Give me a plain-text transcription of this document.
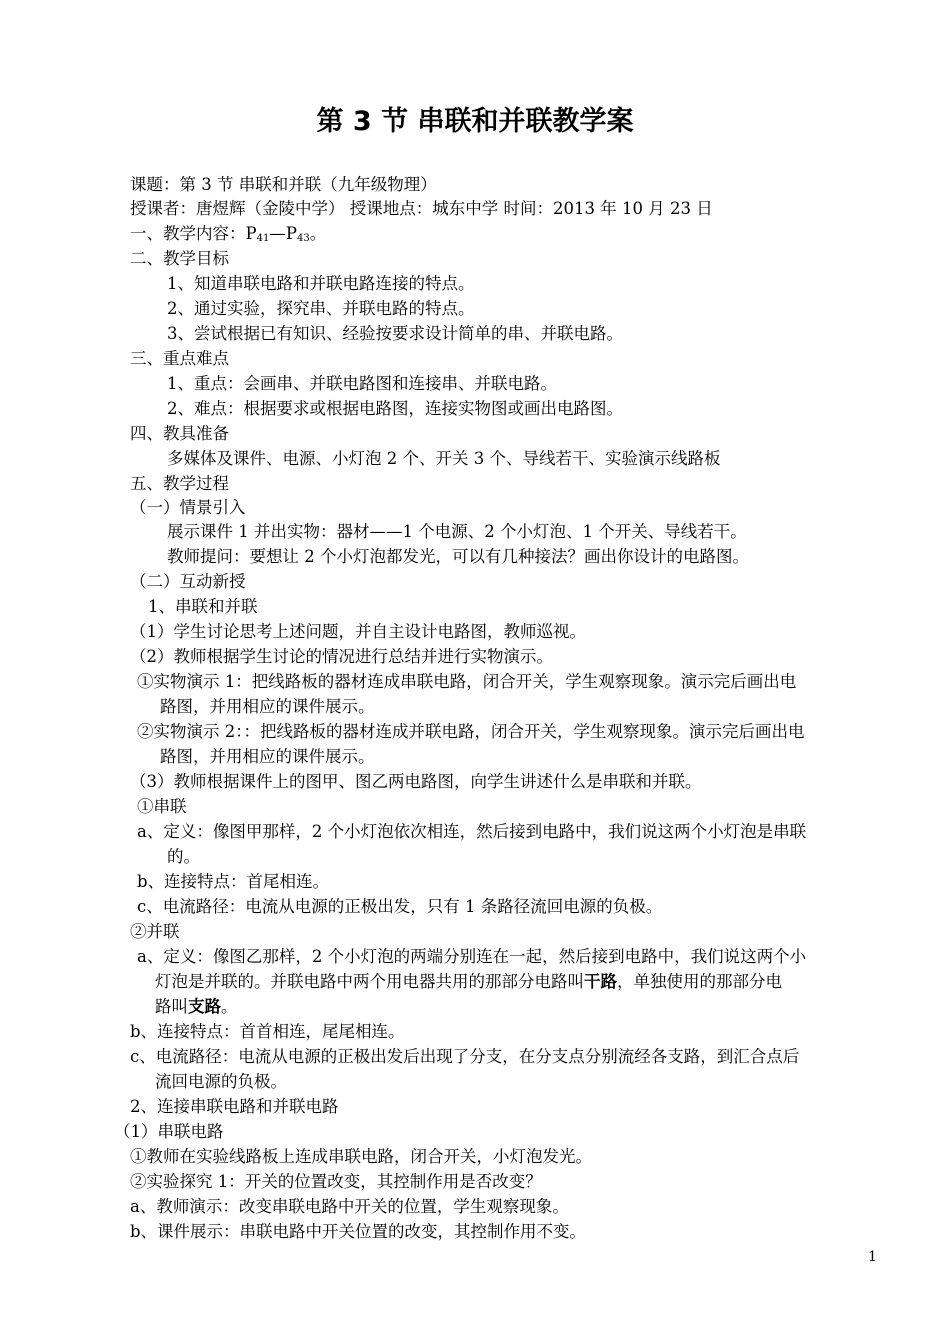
第 3 节 串联和并联教学案
课题：第 3 节 串联和并联（九年级物理）
授课者：唐煜辉（金陵中学） 授课地点：城东中学 时间：2013 年 10 月 23 日
一、教学内容：$P_{41}—P_{43}$。
二、教学目标
1、知道串联电路和并联电路连接的特点。
2、通过实验，探究串、并联电路的特点。
3、尝试根据已有知识、经验按要求设计简单的串、并联电路。
三、重点难点
1、重点：会画串、并联电路图和连接串、并联电路。
2、难点：根据要求或根据电路图，连接实物图或画出电路图。
四、教具准备
多媒体及课件、电源、小灯泡 2 个、开关 3 个、导线若干、实验演示线路板
五、教学过程
（一）情景引入
展示课件 1 并出实物：器材——1 个电源、2 个小灯泡、1 个开关、导线若干。
教师提问：要想让 2 个小灯泡都发光，可以有几种接法？画出你设计的电路图。
（二）互动新授
1、串联和并联
（1）学生讨论思考上述问题，并自主设计电路图，教师巡视。
（2）教师根据学生讨论的情况进行总结并进行实物演示。
①实物演示 1：把线路板的器材连成串联电路，闭合开关，学生观察现象。演示完后画出电
路图，并用相应的课件展示。
②实物演示 2：：把线路板的器材连成并联电路，闭合开关，学生观察现象。演示完后画出电
路图，并用相应的课件展示。
（3）教师根据课件上的图甲、图乙两电路图，向学生讲述什么是串联和并联。
①串联
a、定义：像图甲那样，2 个小灯泡依次相连，然后接到电路中，我们说这两个小灯泡是串联
的。
b、连接特点：首尾相连。
c、电流路径：电流从电源的正极出发，只有 1 条路径流回电源的负极。
②并联
a、定义：像图乙那样，2 个小灯泡的两端分别连在一起，然后接到电路中，我们说这两个小
灯泡是并联的。并联电路中两个用电器共用的那部分电路叫干路，单独使用的那部分电
路叫支路。
b、连接特点：首首相连，尾尾相连。
c、电流路径：电流从电源的正极出发后出现了分支，在分支点分别流经各支路，到汇合点后
流回电源的负极。
2、连接串联电路和并联电路
（1）串联电路
①教师在实验线路板上连成串联电路，闭合开关，小灯泡发光。
②实验探究 1：开关的位置改变，其控制作用是否改变？
a、教师演示：改变串联电路中开关的位置，学生观察现象。
b、课件展示：串联电路中开关位置的改变，其控制作用不变。
1
